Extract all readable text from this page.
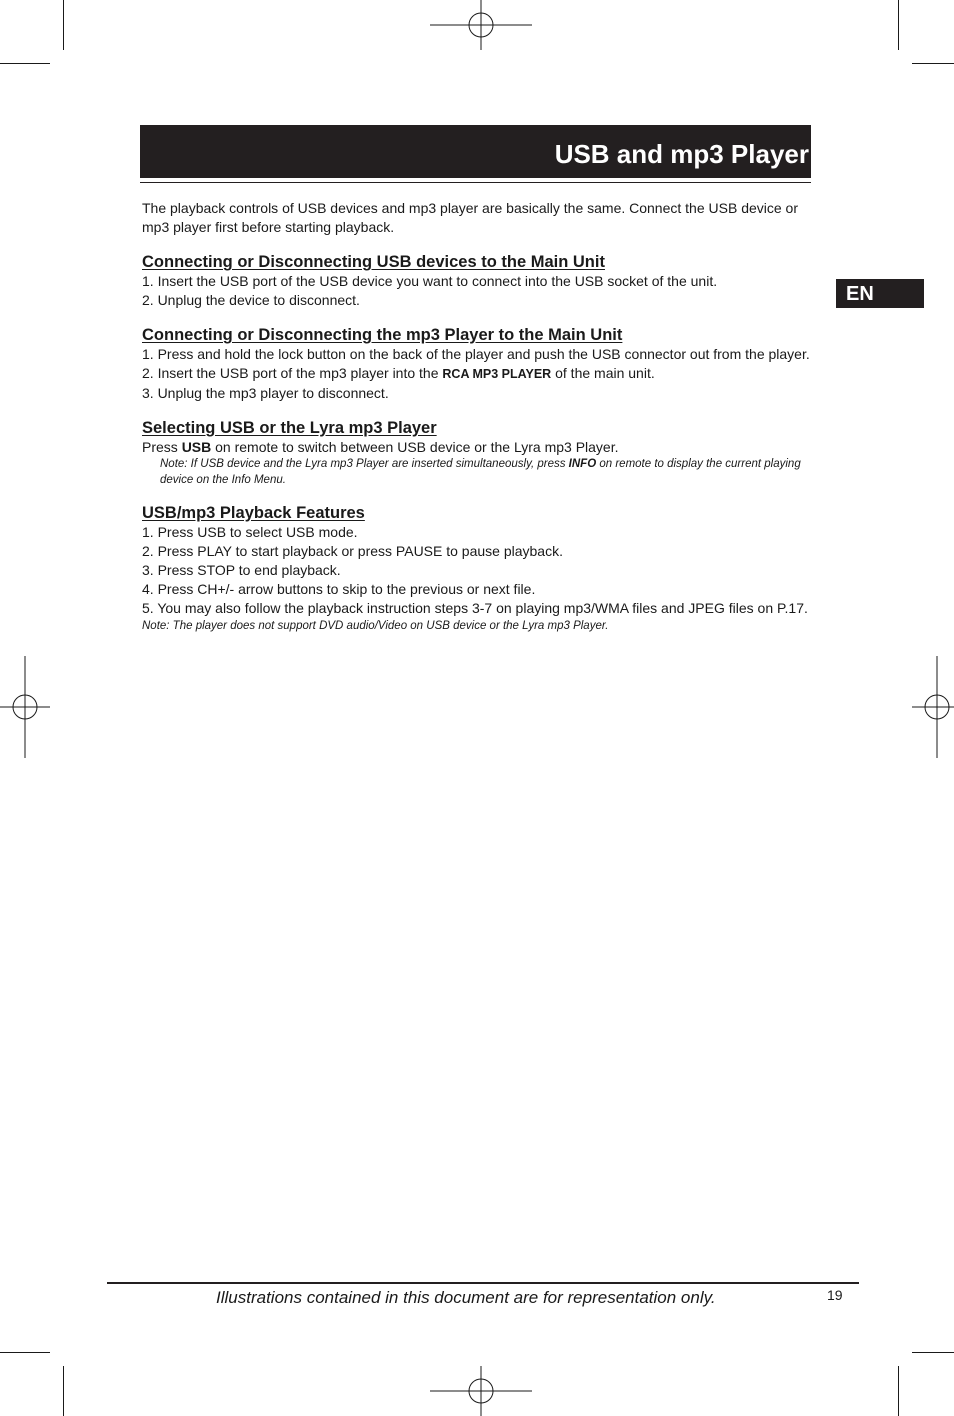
USB and mp3 Player
EN

The playback controls of USB devices and mp3 player are basically the same. Connect the USB device or mp3 player first before starting playback.

Connecting or Disconnecting USB devices to the Main Unit

1. Insert the USB port of the USB device you want to connect into the USB socket of the unit.

2. Unplug the device to disconnect.

Connecting or Disconnecting the mp3 Player to the Main Unit

1. Press and hold the lock button on the back of the player and push the USB connector out from the player.

2. Insert the USB port of the mp3 player into the RCA MP3 PLAYER of the main unit.

3. Unplug the mp3 player to disconnect.

Selecting USB or the Lyra mp3 Player

Press USB on remote to switch between USB device or the Lyra mp3 Player.

Note: If USB device and the Lyra mp3 Player are inserted simultaneously, press INFO on remote to display the current playing device on the Info Menu.

USB/mp3 Playback Features

1. Press USB to select USB mode.

2. Press PLAY to start playback or press PAUSE to pause playback.

3. Press STOP to end playback.

4. Press CH+/- arrow buttons to skip to the previous or next file.

5. You may also follow the playback instruction steps 3-7 on playing mp3/WMA files and JPEG files on P.17.

Note: The player does not support DVD audio/Video on USB device or the Lyra mp3 Player.

Illustrations contained in this document are for representation only.	19
